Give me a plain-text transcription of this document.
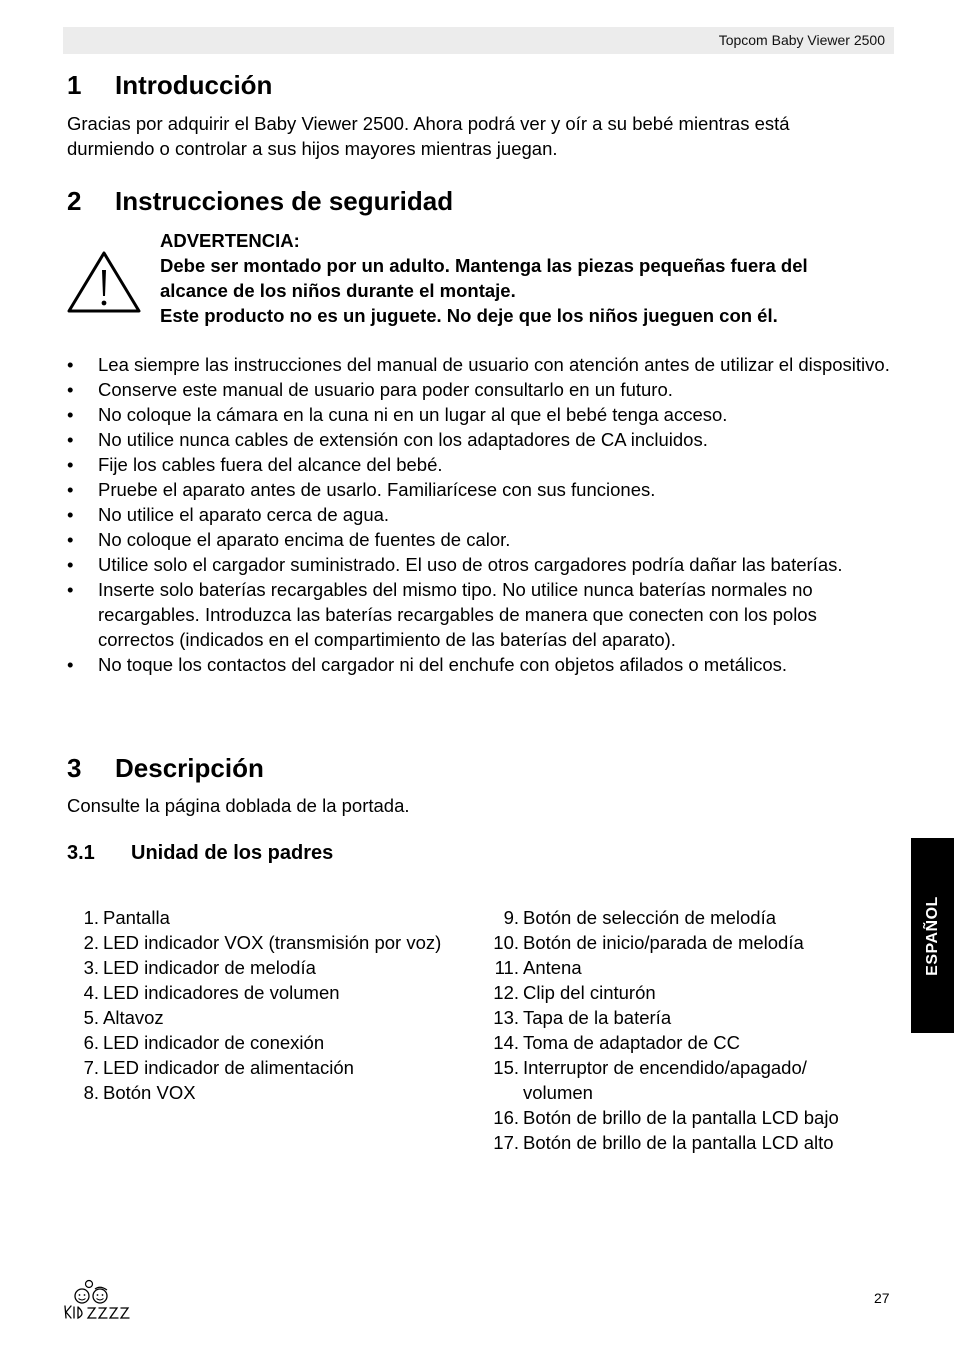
Topcom Baby Viewer 2500
1 Introducción
Gracias por adquirir el Baby Viewer 2500. Ahora podrá ver y oír a su bebé mientras está
durmiendo o controlar a sus hijos mayores mientras juegan.
2 Instrucciones de seguridad
ADVERTENCIA:
Debe ser montado por un adulto. Mantenga las piezas pequeñas fuera del
alcance de los niños durante el montaje.
Este producto no es un juguete. No deje que los niños jueguen con él.
• Lea siempre las instrucciones del manual de usuario con atención antes de utilizar el dispositivo.
• Conserve este manual de usuario para poder consultarlo en un futuro.
• No coloque la cámara en la cuna ni en un lugar al que el bebé tenga acceso.
• No utilice nunca cables de extensión con los adaptadores de CA incluidos.
• Fije los cables fuera del alcance del bebé.
• Pruebe el aparato antes de usarlo. Familiarícese con sus funciones.
• No utilice el aparato cerca de agua.
• No coloque el aparato encima de fuentes de calor.
• Utilice solo el cargador suministrado. El uso de otros cargadores podría dañar las baterías.
• Inserte solo baterías recargables del mismo tipo. No utilice nunca baterías normales no recargables. Introduzca las baterías recargables de manera que conecten con los polos correctos (indicados en el compartimiento de las baterías del aparato).
• No toque los contactos del cargador ni del enchufe con objetos afilados o metálicos.
3 Descripción
Consulte la página doblada de la portada.
3.1 Unidad de los padres
1. Pantalla
2. LED indicador VOX (transmisión por voz)
3. LED indicador de melodía
4. LED indicadores de volumen
5. Altavoz
6. LED indicador de conexión
7. LED indicador de alimentación
8. Botón VOX
9. Botón de selección de melodía
10. Botón de inicio/parada de melodía
11. Antena
12. Clip del cinturón
13. Tapa de la batería
14. Toma de adaptador de CC
15. Interruptor de encendido/apagado/ volumen
16. Botón de brillo de la pantalla LCD bajo
17. Botón de brillo de la pantalla LCD alto
ESPAÑOL
27
